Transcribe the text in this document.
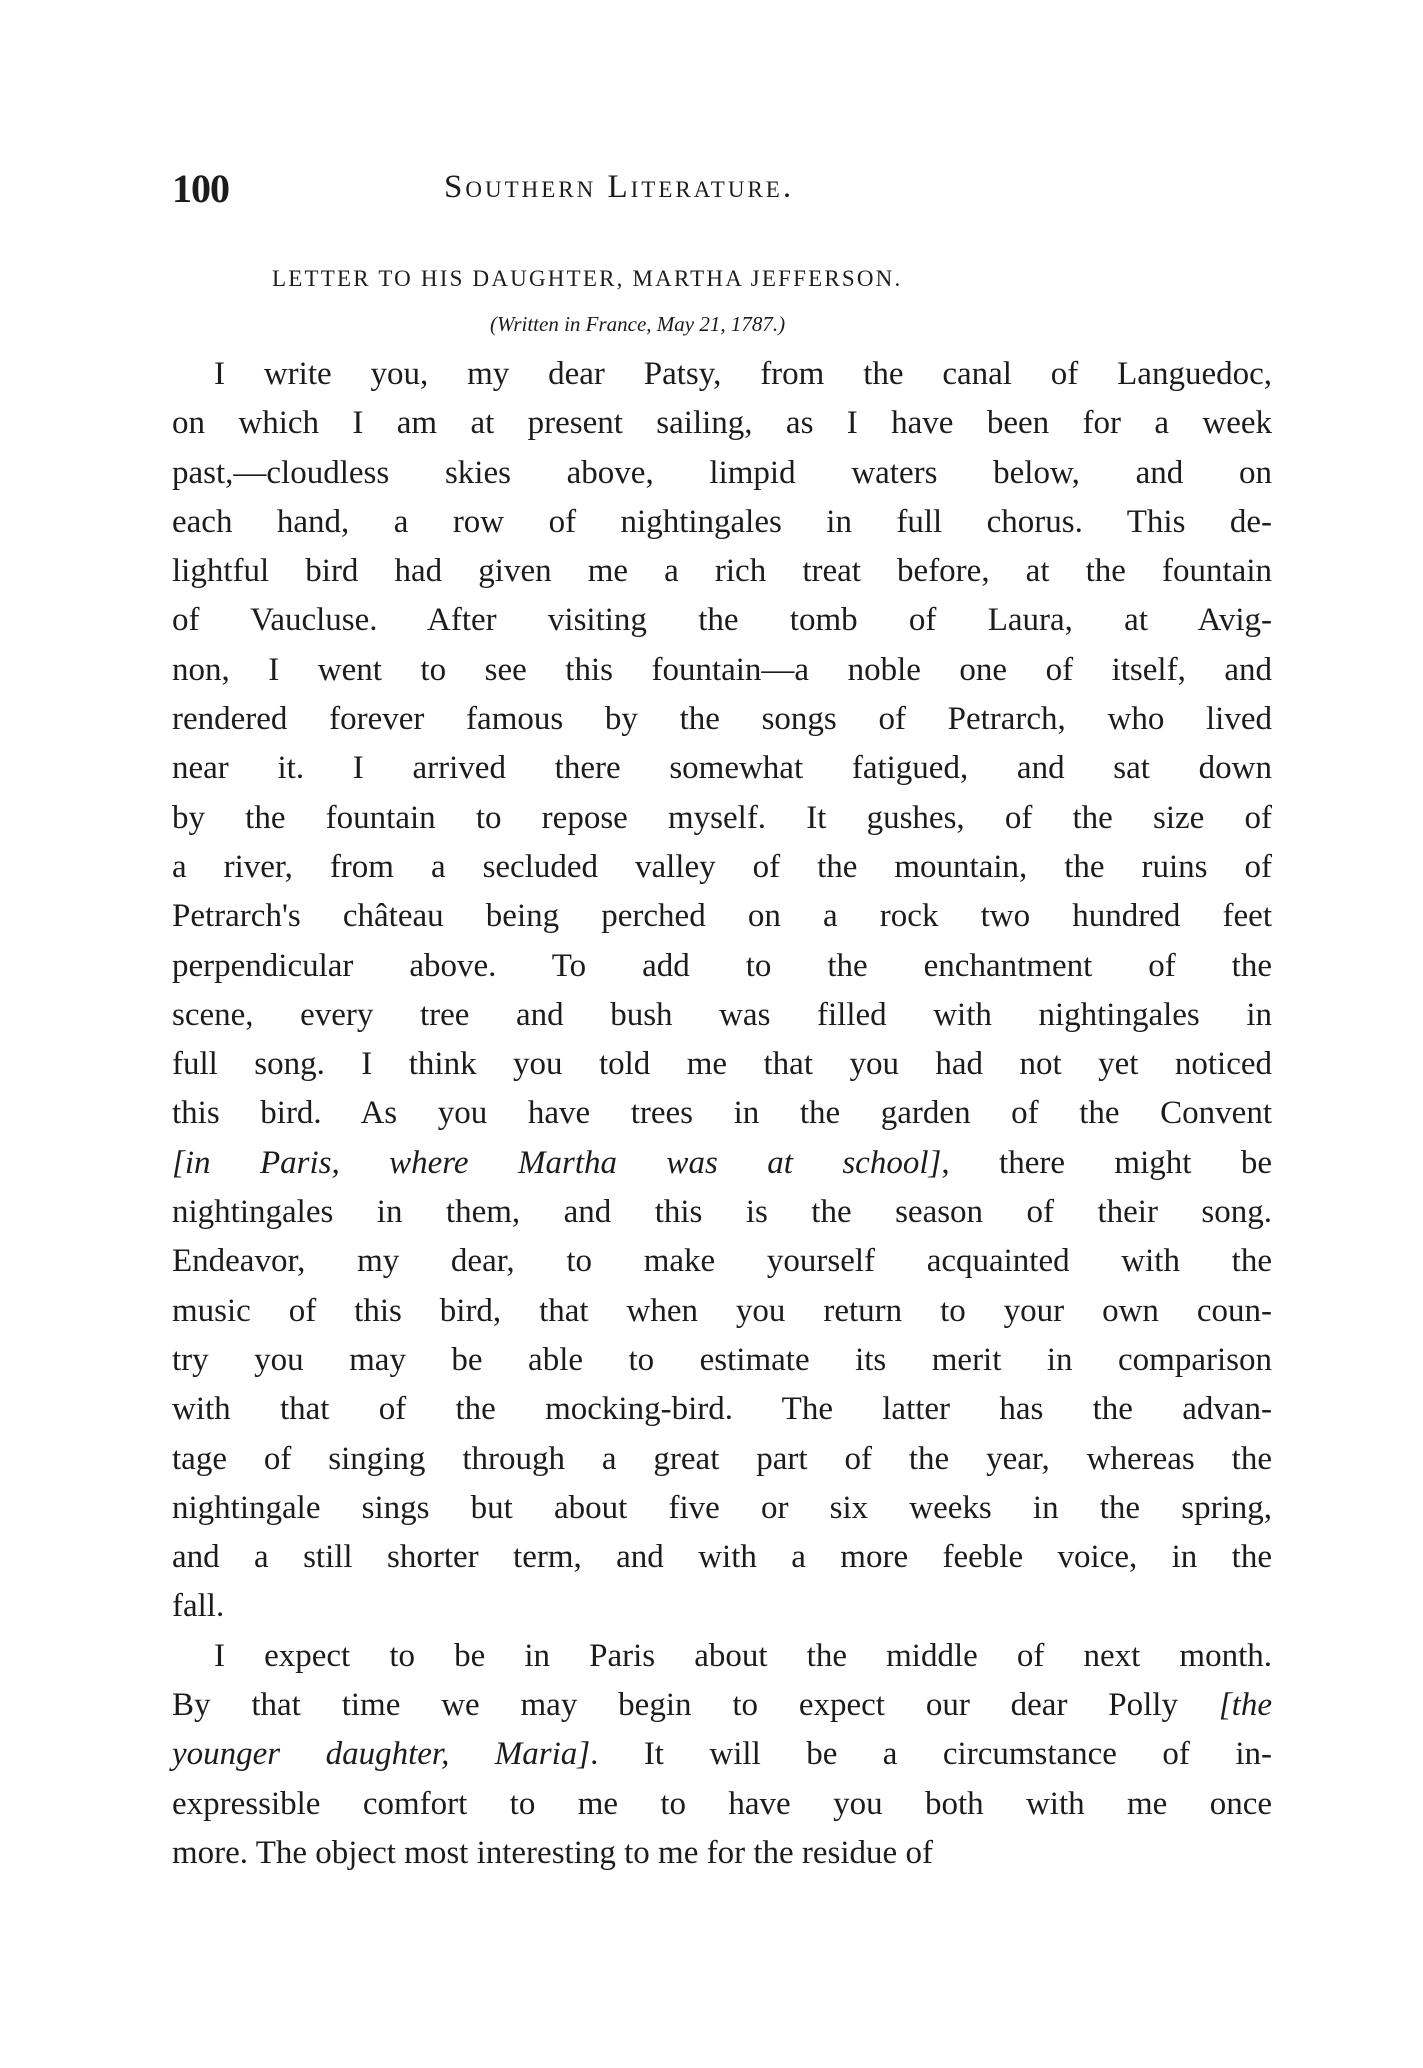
100	Southern Literature.
LETTER TO HIS DAUGHTER, MARTHA JEFFERSON.
(Written in France, May 21, 1787.)
I write you, my dear Patsy, from the canal of Languedoc,
on which I am at present sailing, as I have been for a week
past,—cloudless skies above, limpid waters below, and on
each hand, a row of nightingales in full chorus. This de-
lightful bird had given me a rich treat before, at the fountain
of Vaucluse. After visiting the tomb of Laura, at Avig-
non, I went to see this fountain—a noble one of itself, and
rendered forever famous by the songs of Petrarch, who lived
near it. I arrived there somewhat fatigued, and sat down
by the fountain to repose myself. It gushes, of the size of
a river, from a secluded valley of the mountain, the ruins of
Petrarch's château being perched on a rock two hundred feet
perpendicular above. To add to the enchantment of the
scene, every tree and bush was filled with nightingales in
full song. I think you told me that you had not yet noticed
this bird. As you have trees in the garden of the Convent
[in Paris, where Martha was at school], there might be
nightingales in them, and this is the season of their song.
Endeavor, my dear, to make yourself acquainted with the
music of this bird, that when you return to your own coun-
try you may be able to estimate its merit in comparison
with that of the mocking-bird. The latter has the advan-
tage of singing through a great part of the year, whereas the
nightingale sings but about five or six weeks in the spring,
and a still shorter term, and with a more feeble voice, in the
fall.
I expect to be in Paris about the middle of next month.
By that time we may begin to expect our dear Polly [the
younger daughter, Maria]. It will be a circumstance of in-
expressible comfort to me to have you both with me once
more. The object most interesting to me for the residue of
